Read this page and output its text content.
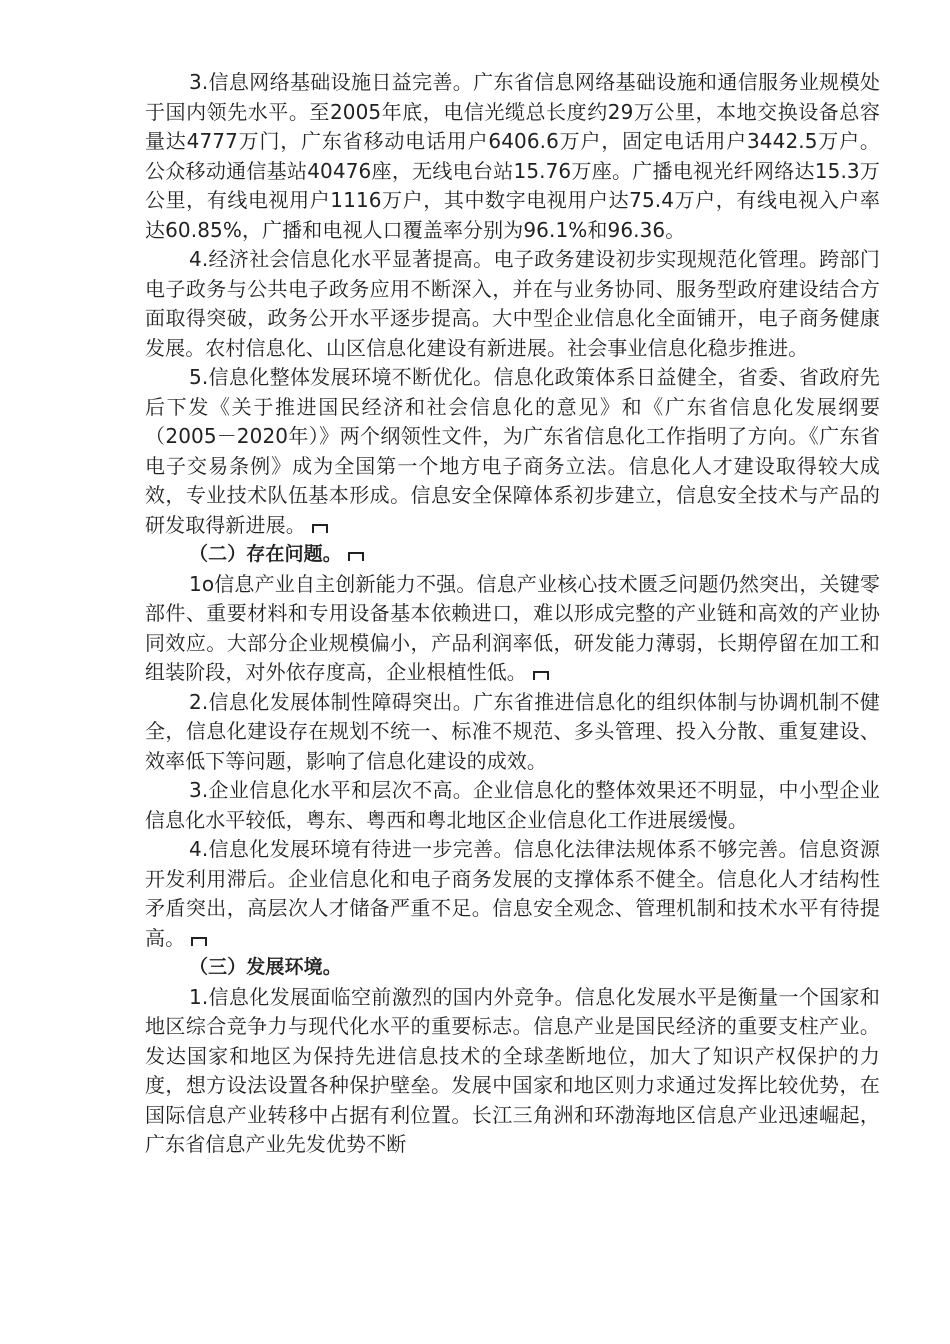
3.信息网络基础设施日益完善。广东省信息网络基础设施和通信服务业规模处于国内领先水平。至2005年底，电信光缆总长度约29万公里，本地交换设备总容量达4777万门，广东省移动电话用户6406.6万户，固定电话用户3442.5万户。公众移动通信基站40476座，无线电台站15.76万座。广播电视光纤网络达15.3万公里，有线电视用户1116万户，其中数字电视用户达75.4万户，有线电视入户率达60.85%，广播和电视人口覆盖率分别为96.1%和96.36。

4.经济社会信息化水平显著提高。电子政务建设初步实现规范化管理。跨部门电子政务与公共电子政务应用不断深入，并在与业务协同、服务型政府建设结合方面取得突破，政务公开水平逐步提高。大中型企业信息化全面铺开，电子商务健康发展。农村信息化、山区信息化建设有新进展。社会事业信息化稳步推进。

5.信息化整体发展环境不断优化。信息化政策体系日益健全，省委、省政府先后下发《关于推进国民经济和社会信息化的意见》和《广东省信息化发展纲要（2005－2020年）》两个纲领性文件，为广东省信息化工作指明了方向。《广东省电子交易条例》成为全国第一个地方电子商务立法。信息化人才建设取得较大成效，专业技术队伍基本形成。信息安全保障体系初步建立，信息安全技术与产品的研发取得新进展。

（二）存在问题。

1o信息产业自主创新能力不强。信息产业核心技术匮乏问题仍然突出，关键零部件、重要材料和专用设备基本依赖进口，难以形成完整的产业链和高效的产业协同效应。大部分企业规模偏小，产品利润率低，研发能力薄弱，长期停留在加工和组装阶段，对外依存度高，企业根植性低。

2.信息化发展体制性障碍突出。广东省推进信息化的组织体制与协调机制不健全，信息化建设存在规划不统一、标准不规范、多头管理、投入分散、重复建设、效率低下等问题，影响了信息化建设的成效。

3.企业信息化水平和层次不高。企业信息化的整体效果还不明显，中小型企业信息化水平较低，粤东、粤西和粤北地区企业信息化工作进展缓慢。

4.信息化发展环境有待进一步完善。信息化法律法规体系不够完善。信息资源开发利用滞后。企业信息化和电子商务发展的支撑体系不健全。信息化人才结构性矛盾突出，高层次人才储备严重不足。信息安全观念、管理机制和技术水平有待提高。

（三）发展环境。

1.信息化发展面临空前激烈的国内外竞争。信息化发展水平是衡量一个国家和地区综合竞争力与现代化水平的重要标志。信息产业是国民经济的重要支柱产业。发达国家和地区为保持先进信息技术的全球垄断地位，加大了知识产权保护的力度，想方设法设置各种保护壁垒。发展中国家和地区则力求通过发挥比较优势，在国际信息产业转移中占据有利位置。长江三角洲和环渤海地区信息产业迅速崛起，广东省信息产业先发优势不断
